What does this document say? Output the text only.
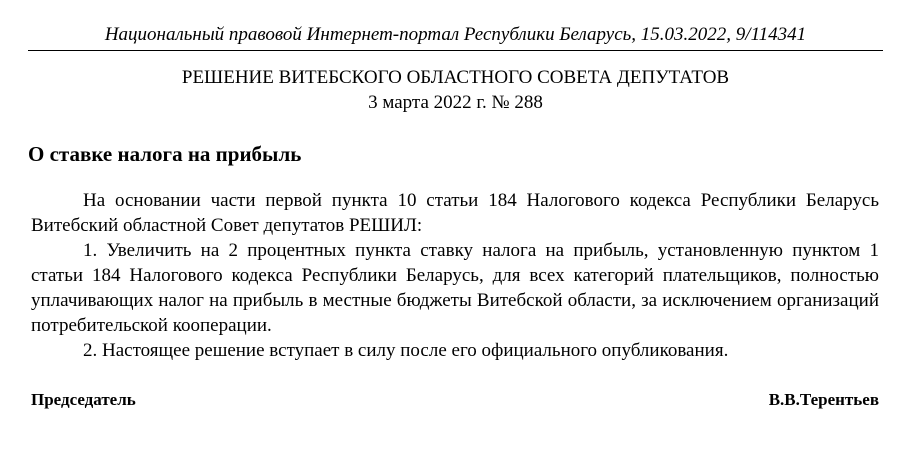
Национальный правовой Интернет-портал Республики Беларусь, 15.03.2022, 9/114341
РЕШЕНИЕ ВИТЕБСКОГО ОБЛАСТНОГО СОВЕТА ДЕПУТАТОВ
3 марта 2022 г. № 288
О ставке налога на прибыль

На основании части первой пункта 10 статьи 184 Налогового кодекса Республики Беларусь Витебский областной Совет депутатов РЕШИЛ:

1. Увеличить на 2 процентных пункта ставку налога на прибыль, установленную пунктом 1 статьи 184 Налогового кодекса Республики Беларусь, для всех категорий плательщиков, полностью уплачивающих налог на прибыль в местные бюджеты Витебской области, за исключением организаций потребительской кооперации.

2. Настоящее решение вступает в силу после его официального опубликования.

Председатель	В.В.Терентьев
